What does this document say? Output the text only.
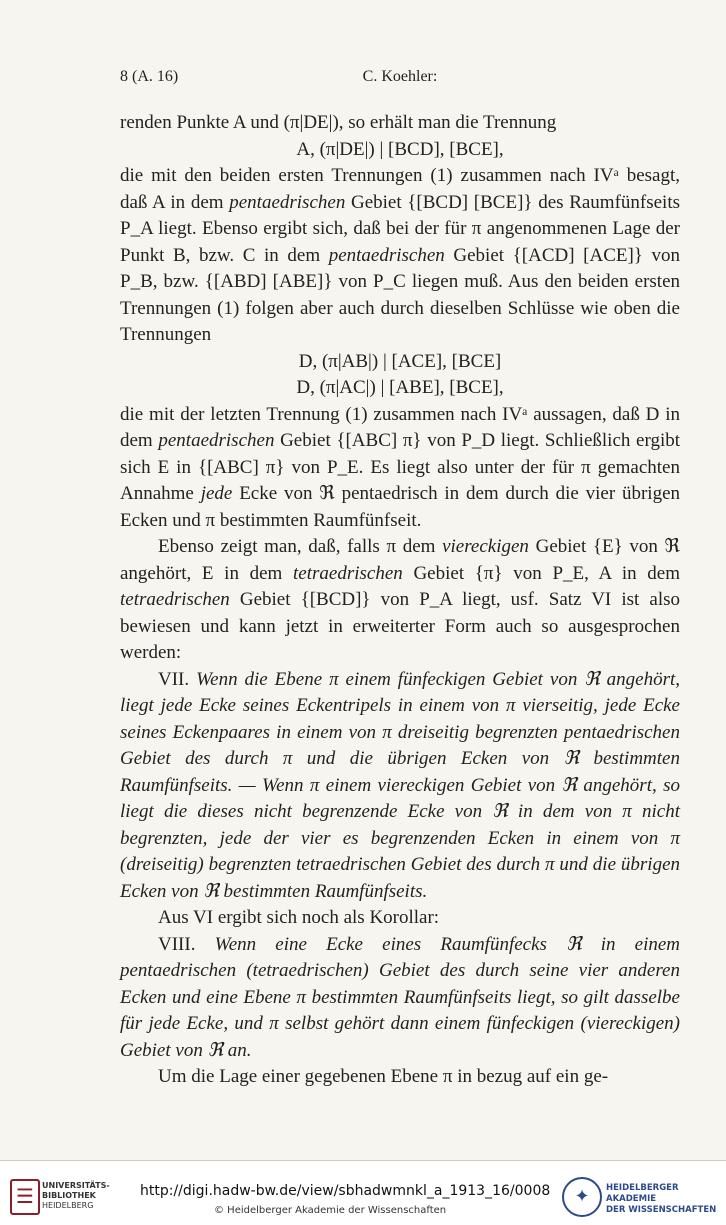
8 (A. 16)	C. Koehler:

renden Punkte A und (π|DE|), so erhält man die Trennung

A, (π|DE|) | [BCD], [BCE],

die mit den beiden ersten Trennungen (1) zusammen nach IVᵃ besagt, daß A in dem pentaedrischen Gebiet {[BCD] [BCE]} des Raumfünfseits P_A liegt. Ebenso ergibt sich, daß bei der für π angenommenen Lage der Punkt B, bzw. C in dem pentaedrischen Gebiet {[ACD] [ACE]} von P_B, bzw. {[ABD] [ABE]} von P_C liegen muß. Aus den beiden ersten Trennungen (1) folgen aber auch durch dieselben Schlüsse wie oben die Trennungen

D, (π|AB|) | [ACE], [BCE]

D, (π|AC|) | [ABE], [BCE],

die mit der letzten Trennung (1) zusammen nach IVᵃ aussagen, daß D in dem pentaedrischen Gebiet {[ABC] π} von P_D liegt. Schließlich ergibt sich E in {[ABC] π} von P_E. Es liegt also unter der für π gemachten Annahme jede Ecke von ℜ pentaedrisch in dem durch die vier übrigen Ecken und π bestimmten Raumfünfseit.

Ebenso zeigt man, daß, falls π dem viereckigen Gebiet {E} von ℜ angehört, E in dem tetraedrischen Gebiet {π} von P_E, A in dem tetraedrischen Gebiet {[BCD]} von P_A liegt, usf. Satz VI ist also bewiesen und kann jetzt in erweiterter Form auch so ausgesprochen werden:

VII. Wenn die Ebene π einem fünfeckigen Gebiet von ℜ angehört, liegt jede Ecke seines Eckentripels in einem von π vierseitig, jede Ecke seines Eckenpaares in einem von π dreiseitig begrenzten pentaedrischen Gebiet des durch π und die übrigen Ecken von ℜ bestimmten Raumfünfseits. — Wenn π einem viereckigen Gebiet von ℜ angehört, so liegt die dieses nicht begrenzende Ecke von ℜ in dem von π nicht begrenzten, jede der vier es begrenzenden Ecken in einem von π (dreiseitig) begrenzten tetraedrischen Gebiet des durch π und die übrigen Ecken von ℜ bestimmten Raumfünfseits.

Aus VI ergibt sich noch als Korollar:

VIII. Wenn eine Ecke eines Raumfünfecks ℜ in einem pentaedrischen (tetraedrischen) Gebiet des durch seine vier anderen Ecken und eine Ebene π bestimmten Raumfünfseits liegt, so gilt dasselbe für jede Ecke, und π selbst gehört dann einem fünfeckigen (viereckigen) Gebiet von ℜ an.

Um die Lage einer gegebenen Ebene π in bezug auf ein ge-

☰	UNIVERSITÄTS-
BIBLIOTHEK
HEIDELBERG
http://digi.hadw-bw.de/view/sbhadwmnkl_a_1913_16/0008
© Heidelberger Akademie der Wissenschaften
✦	HEIDELBERGER AKADEMIE
DER WISSENSCHAFTEN
